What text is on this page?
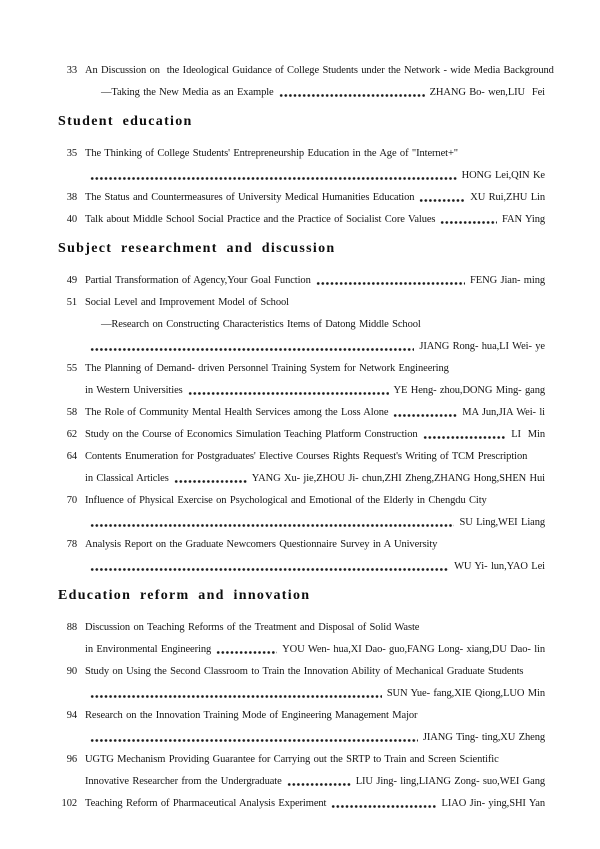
33 An Discussion on  the Ideological Guidance of College Students under the Network - wide Media Background
—Taking the New Media as an Example	ZHANG Bo- wen,LIU  Fei
Student education
35 The Thinking of College Students' Entrepreneurship Education in the Age of "Internet+"
HONG Lei,QIN Ke
38 The Status and Countermeasures of University Medical Humanities Education	XU Rui,ZHU Lin
40 Talk about Middle School Social Practice and the Practice of Socialist Core Values	FAN Ying
Subject researchment and discussion
49 Partial Transformation of Agency,Your Goal Function	FENG Jian- ming
51 Social Level and Improvement Model of School
—Research on Constructing Characteristics Items of Datong Middle School
JIANG Rong- hua,LI Wei- ye
55 The Planning of Demand- driven Personnel Training System for Network Engineering
in Western Universities	YE Heng- zhou,DONG Ming- gang
58 The Role of Community Mental Health Services among the Loss Alone	MA Jun,JIA Wei- li
62 Study on the Course of Economics Simulation Teaching Platform Construction	LI  Min
64 Contents Enumeration for Postgraduates' Elective Courses Rights Request's Writing of TCM Prescription
in Classical Articles	YANG Xu- jie,ZHOU Ji- chun,ZHI Zheng,ZHANG Hong,SHEN Hui
70 Influence of Physical Exercise on Psychological and Emotional of the Elderly in Chengdu City
SU Ling,WEI Liang
78 Analysis Report on the Graduate Newcomers Questionnaire Survey in A University
WU Yi- lun,YAO Lei
Education reform and innovation
88 Discussion on Teaching Reforms of the Treatment and Disposal of Solid Waste
in Environmental Engineering	YOU Wen- hua,XI Dao- guo,FANG Long- xiang,DU Dao- lin
90 Study on Using the Second Classroom to Train the Innovation Ability of Mechanical Graduate Students
SUN Yue- fang,XIE Qiong,LUO Min
94 Research on the Innovation Training Mode of Engineering Management Major
JIANG Ting- ting,XU Zheng
96 UGTG Mechanism Providing Guarantee for Carrying out the SRTP to Train and Screen Scientific
Innovative Researcher from the Undergraduate	LIU Jing- ling,LIANG Zong- suo,WEI Gang
102 Teaching Reform of Pharmaceutical Analysis Experiment	LIAO Jin- ying,SHI Yan
